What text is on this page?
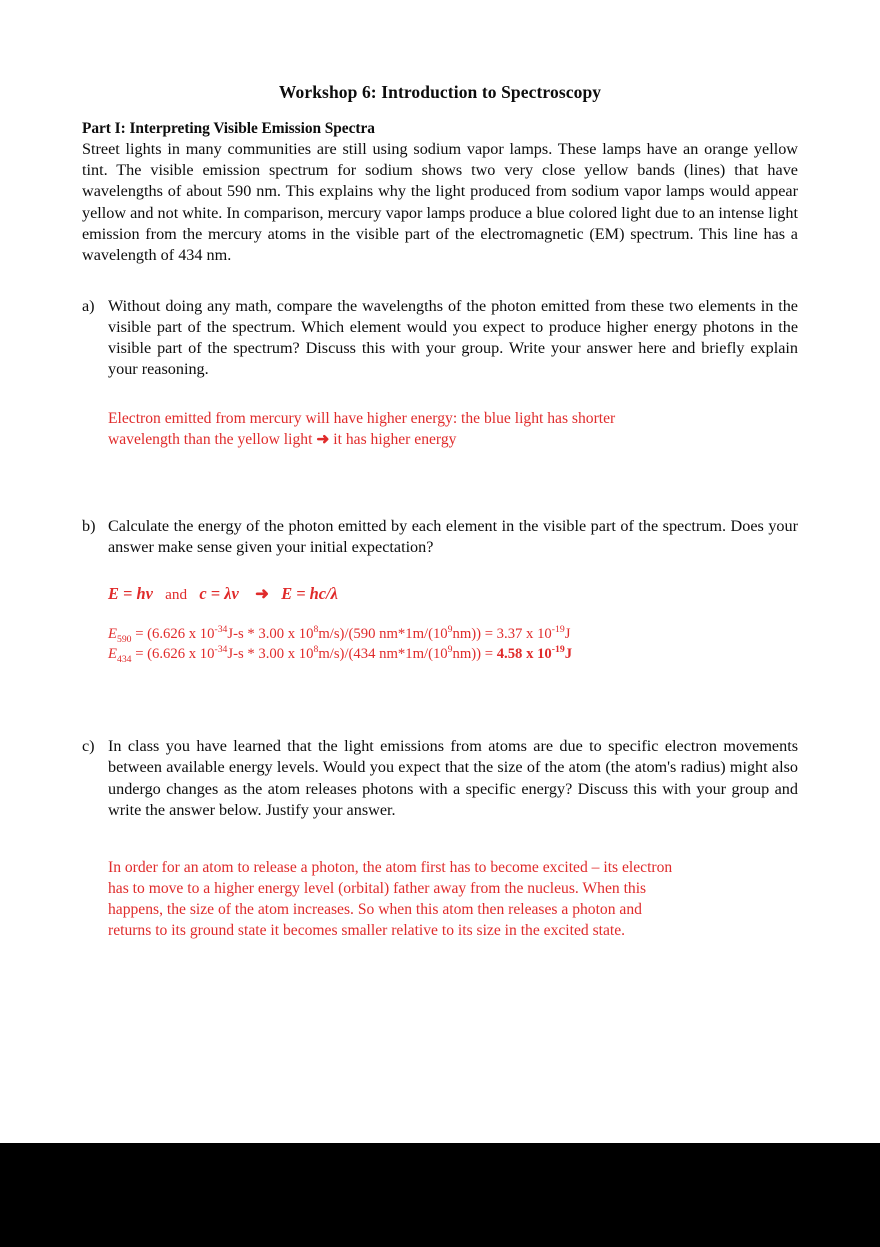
Workshop 6: Introduction to Spectroscopy
Part I: Interpreting Visible Emission Spectra

Street lights in many communities are still using sodium vapor lamps. These lamps have an orange yellow tint. The visible emission spectrum for sodium shows two very close yellow bands (lines) that have wavelengths of about 590 nm. This explains why the light produced from sodium vapor lamps would appear yellow and not white. In comparison, mercury vapor lamps produce a blue colored light due to an intense light emission from the mercury atoms in the visible part of the electromagnetic (EM) spectrum. This line has a wavelength of 434 nm.

a) Without doing any math, compare the wavelengths of the photon emitted from these two elements in the visible part of the spectrum. Which element would you expect to produce higher energy photons in the visible part of the spectrum? Discuss this with your group. Write your answer here and briefly explain your reasoning.
Electron emitted from mercury will have higher energy: the blue light has shorter
wavelength than the yellow light ➜ it has higher energy
b) Calculate the energy of the photon emitted by each element in the visible part of the spectrum. Does your answer make sense given your initial expectation?
E = hν and c = λν ➜ E = hc/λ
$E_{590} = (6.626$ x $10^{-34}J-s * 3.00$ x $10^8m/s)/(590$ $nm*1m/(10^9nm)) = 3.37$ x $10^{-19}J$
$E_{434} = (6.626$ x $10^{-34}J-s * 3.00$ x $10^8m/s)/(434$ $nm*1m/(10^9nm)) = 4.58$ x $10^{-19}J$
c) In class you have learned that the light emissions from atoms are due to specific electron movements between available energy levels. Would you expect that the size of the atom (the atom's radius) might also undergo changes as the atom releases photons with a specific energy? Discuss this with your group and write the answer below. Justify your answer.
In order for an atom to release a photon, the atom first has to become excited – its electron
has to move to a higher energy level (orbital) father away from the nucleus. When this
happens, the size of the atom increases. So when this atom then releases a photon and
returns to its ground state it becomes smaller relative to its size in the excited state.
